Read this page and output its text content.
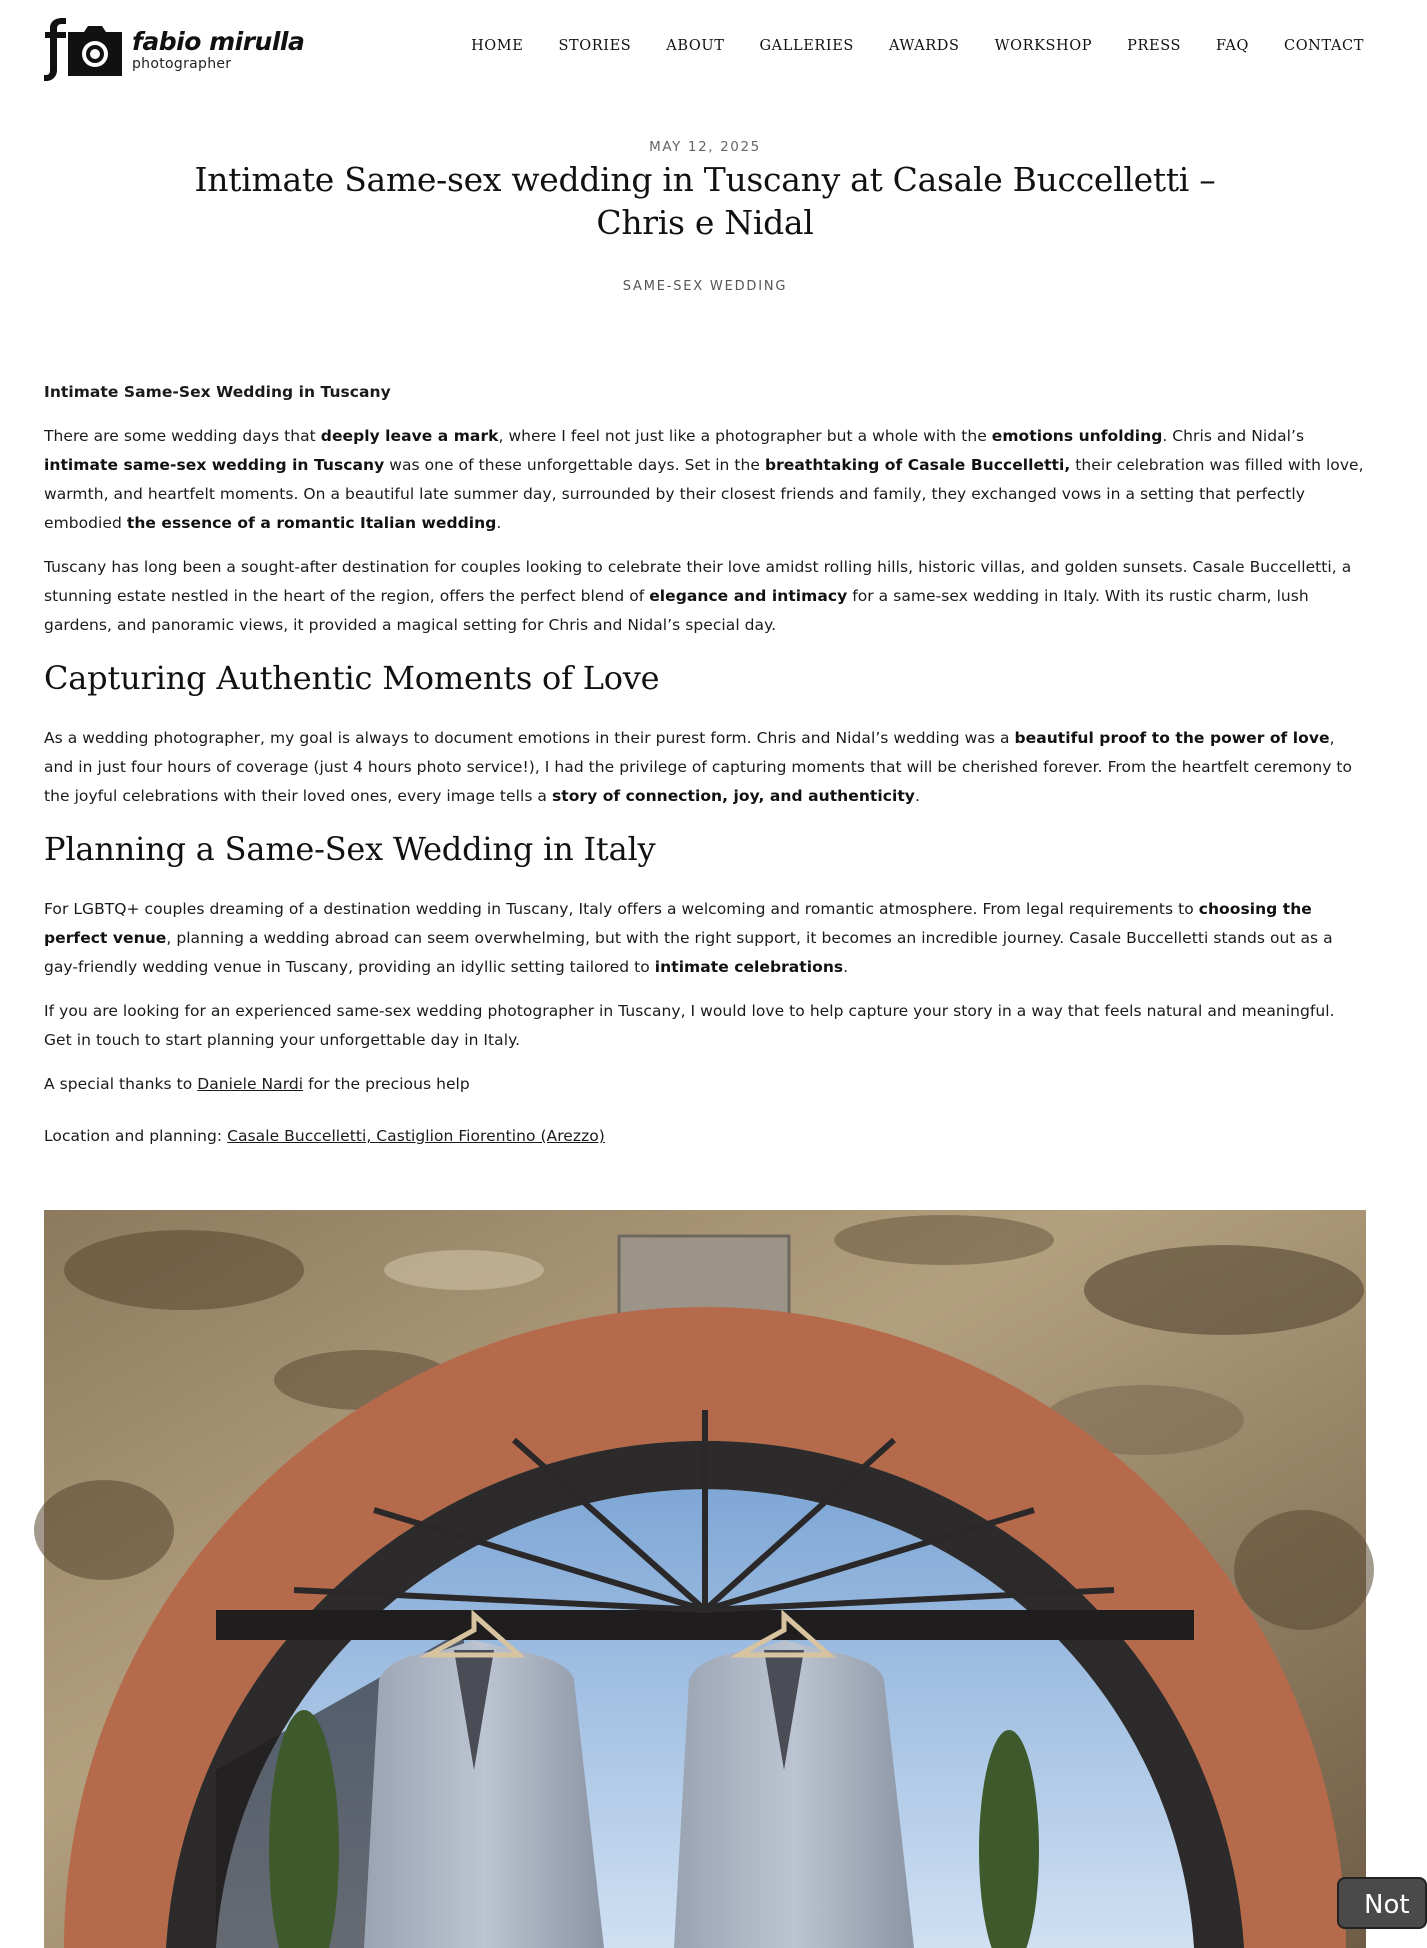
fabio mirulla
photographer
HOME STORIES ABOUT GALLERIES AWARDS WORKSHOP PRESS FAQ CONTACT
MAY 12, 2025
Intimate Same-sex wedding in Tuscany at Casale Buccelletti – Chris e Nidal
SAME-SEX WEDDING

Intimate Same-Sex Wedding in Tuscany

There are some wedding days that deeply leave a mark, where I feel not just like a photographer but a whole with the emotions unfolding. Chris and Nidal’s intimate same-sex wedding in Tuscany was one of these unforgettable days. Set in the breathtaking of Casale Buccelletti, their celebration was filled with love, warmth, and heartfelt moments. On a beautiful late summer day, surrounded by their closest friends and family, they exchanged vows in a setting that perfectly embodied the essence of a romantic Italian wedding.

Tuscany has long been a sought-after destination for couples looking to celebrate their love amidst rolling hills, historic villas, and golden sunsets. Casale Buccelletti, a stunning estate nestled in the heart of the region, offers the perfect blend of elegance and intimacy for a same-sex wedding in Italy. With its rustic charm, lush gardens, and panoramic views, it provided a magical setting for Chris and Nidal’s special day.

Capturing Authentic Moments of Love

As a wedding photographer, my goal is always to document emotions in their purest form. Chris and Nidal’s wedding was a beautiful proof to the power of love, and in just four hours of coverage (just 4 hours photo service!), I had the privilege of capturing moments that will be cherished forever. From the heartfelt ceremony to the joyful celebrations with their loved ones, every image tells a story of connection, joy, and authenticity.

Planning a Same-Sex Wedding in Italy

For LGBTQ+ couples dreaming of a destination wedding in Tuscany, Italy offers a welcoming and romantic atmosphere. From legal requirements to choosing the perfect venue, planning a wedding abroad can seem overwhelming, but with the right support, it becomes an incredible journey. Casale Buccelletti stands out as a gay-friendly wedding venue in Tuscany, providing an idyllic setting tailored to intimate celebrations.

If you are looking for an experienced same-sex wedding photographer in Tuscany, I would love to help capture your story in a way that feels natural and meaningful. Get in touch to start planning your unforgettable day in Italy.

A special thanks to Daniele Nardi for the precious help

Location and planning: Casale Buccelletti, Castiglion Fiorentino (Arezzo)

Not
